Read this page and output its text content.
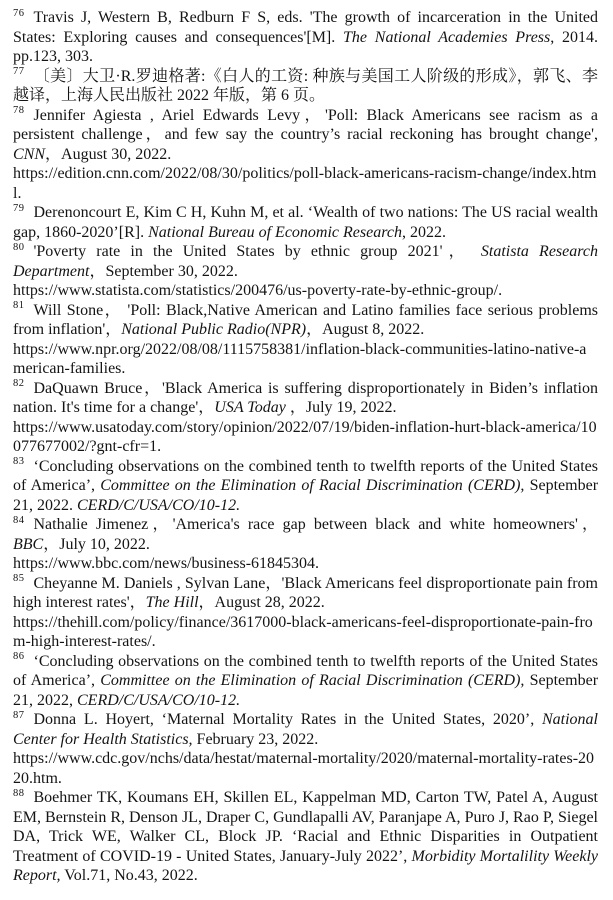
$^{76}$ Travis J, Western B, Redburn F S, eds. 'The growth of incarceration in the United States: Exploring causes and consequences'[M]. The National Academies Press, 2014. pp.123, 303.

$^{77}$ 〔美〕大卫·R.罗迪格著:《白人的工资: 种族与美国工人阶级的形成》，郭飞、李越译，上海人民出版社 2022 年版，第 6 页。

$^{78}$ Jennifer Agiesta , Ariel Edwards Levy，'Poll: Black Americans see racism as a persistent challenge，and few say the country’s racial reckoning has brought change', CNN，August 30, 2022.
https://edition.cnn.com/2022/08/30/politics/poll-black-americans-racism-change/index.html.

$^{79}$ Derenoncourt E, Kim C H, Kuhn M, et al. ‘Wealth of two nations: The US racial wealth gap, 1860-2020’[R]. National Bureau of Economic Research, 2022.

$^{80}$ 'Poverty rate in the United States by ethnic group 2021'， Statista Research Department，September 30, 2022.
https://www.statista.com/statistics/200476/us-poverty-rate-by-ethnic-group/.

$^{81}$ Will Stone， 'Poll: Black,Native American and Latino families face serious problems from inflation'，National Public Radio(NPR)，August 8, 2022.
https://www.npr.org/2022/08/08/1115758381/inflation-black-communities-latino-native-american-families.

$^{82}$ DaQuawn Bruce，'Black America is suffering disproportionately in Biden’s inflation nation. It's time for a change'，USA Today ，July 19, 2022.
https://www.usatoday.com/story/opinion/2022/07/19/biden-inflation-hurt-black-america/10077677002/?gnt-cfr=1.

$^{83}$ ‘Concluding observations on the combined tenth to twelfth reports of the United States of America’, Committee on the Elimination of Racial Discrimination (CERD), September 21, 2022. CERD/C/USA/CO/10-12.

$^{84}$ Nathalie Jimenez，'America's race gap between black and white homeowners'，BBC，July 10, 2022.
https://www.bbc.com/news/business-61845304.

$^{85}$ Cheyanne M. Daniels , Sylvan Lane，'Black Americans feel disproportionate pain from high interest rates'，The Hill，August 28, 2022.
https://thehill.com/policy/finance/3617000-black-americans-feel-disproportionate-pain-from-high-interest-rates/.

$^{86}$ ‘Concluding observations on the combined tenth to twelfth reports of the United States of America’, Committee on the Elimination of Racial Discrimination (CERD), September 21, 2022, CERD/C/USA/CO/10-12.

$^{87}$ Donna L. Hoyert, ‘Maternal Mortality Rates in the United States, 2020’, National Center for Health Statistics, February 23, 2022.
https://www.cdc.gov/nchs/data/hestat/maternal-mortality/2020/maternal-mortality-rates-2020.htm.

$^{88}$ Boehmer TK, Koumans EH, Skillen EL, Kappelman MD, Carton TW, Patel A, August EM, Bernstein R, Denson JL, Draper C, Gundlapalli AV, Paranjape A, Puro J, Rao P, Siegel DA, Trick WE, Walker CL, Block JP. ‘Racial and Ethnic Disparities in Outpatient Treatment of COVID-19 - United States, January-July 2022’, Morbidity Mortalility Weekly Report, Vol.71, No.43, 2022.
